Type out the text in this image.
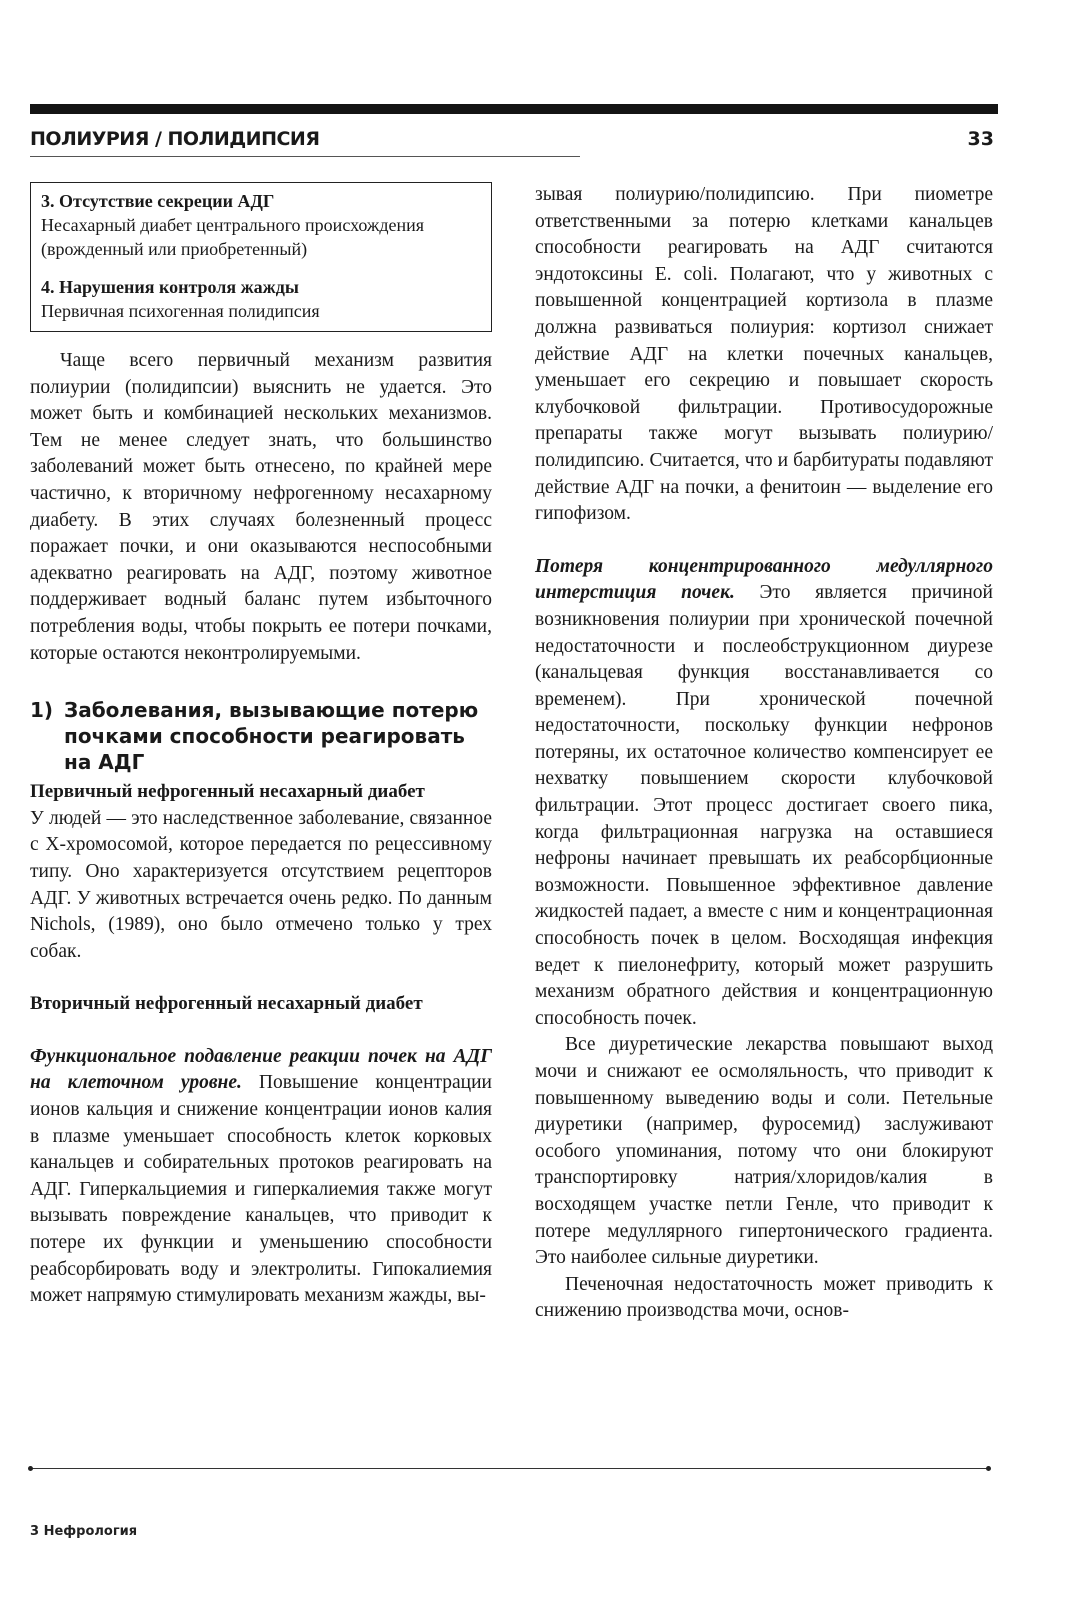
ПОЛИУРИЯ / ПОЛИДИПСИЯ	33
3. Отсутствие секреции АДГ
Несахарный диабет центрального происхождения (врожденный или приобретенный)
4. Нарушения контроля жажды
Первичная психогенная полидипсия

Чаще всего первичный механизм развития полиурии (полидипсии) выяснить не удается. Это может быть и комбинацией нескольких механизмов. Тем не менее следует знать, что большинство заболеваний может быть отнесено, по крайней мере частично, к вторичному нефрогенному несахарному диабету. В этих случаях болезненный процесс поражает почки, и они оказываются неспособными адекватно реагировать на АДГ, поэтому животное поддерживает водный баланс путем избыточного потребления воды, чтобы покрыть ее потери почками, которые остаются неконтролируемыми.

1) Заболевания, вызывающие потерю почками способности реагировать на АДГ

Первичный нефрогенный несахарный диабет

У людей — это наследственное заболевание, связанное с Х-хромосомой, которое передается по рецессивному типу. Оно характеризуется отсутствием рецепторов АДГ. У животных встречается очень редко. По данным Nichols, (1989), оно было отмечено только у трех собак.

Вторичный нефрогенный несахарный диабет

Функциональное подавление реакции почек на АДГ на клеточном уровне. Повышение концентрации ионов кальция и снижение концентрации ионов калия в плазме уменьшает способность клеток корковых канальцев и собирательных протоков реагировать на АДГ. Гиперкальциемия и гиперкалиемия также могут вызывать повреждение канальцев, что приводит к потере их функции и уменьшению способности реабсорбировать воду и электролиты. Гипокалиемия может напрямую стимулировать механизм жажды, вы-

зывая полиурию/полидипсию. При пиометре ответственными за потерю клетками канальцев способности реагировать на АДГ считаются эндотоксины E. coli. Полагают, что у животных с повышенной концентрацией кортизола в плазме должна развиваться полиурия: кортизол снижает действие АДГ на клетки почечных канальцев, уменьшает его секрецию и повышает скорость клубочковой фильтрации. Противосудорожные препараты также могут вызывать полиурию/полидипсию. Считается, что и барбитураты подавляют действие АДГ на почки, а фенитоин — выделение его гипофизом.

Потеря концентрированного медуллярного интерстиция почек. Это является причиной возникновения полиурии при хронической почечной недостаточности и послеобструкционном диурезе (канальцевая функция восстанавливается со временем). При хронической почечной недостаточности, поскольку функции нефронов потеряны, их остаточное количество компенсирует ее нехватку повышением скорости клубочковой фильтрации. Этот процесс достигает своего пика, когда фильтрационная нагрузка на оставшиеся нефроны начинает превышать их реабсорбционные возможности. Повышенное эффективное давление жидкостей падает, а вместе с ним и концентрационная способность почек в целом. Восходящая инфекция ведет к пиелонефриту, который может разрушить механизм обратного действия и концентрационную способность почек.

Все диуретические лекарства повышают выход мочи и снижают ее осмоляльность, что приводит к повышенному выведению воды и соли. Петельные диуретики (например, фуросемид) заслуживают особого упоминания, потому что они блокируют транспортировку натрия/хлоридов/калия в восходящем участке петли Генле, что приводит к потере медуллярного гипертонического градиента. Это наиболее сильные диуретики.

Печеночная недостаточность может приводить к снижению производства мочи, основ-

3 Нефрология
